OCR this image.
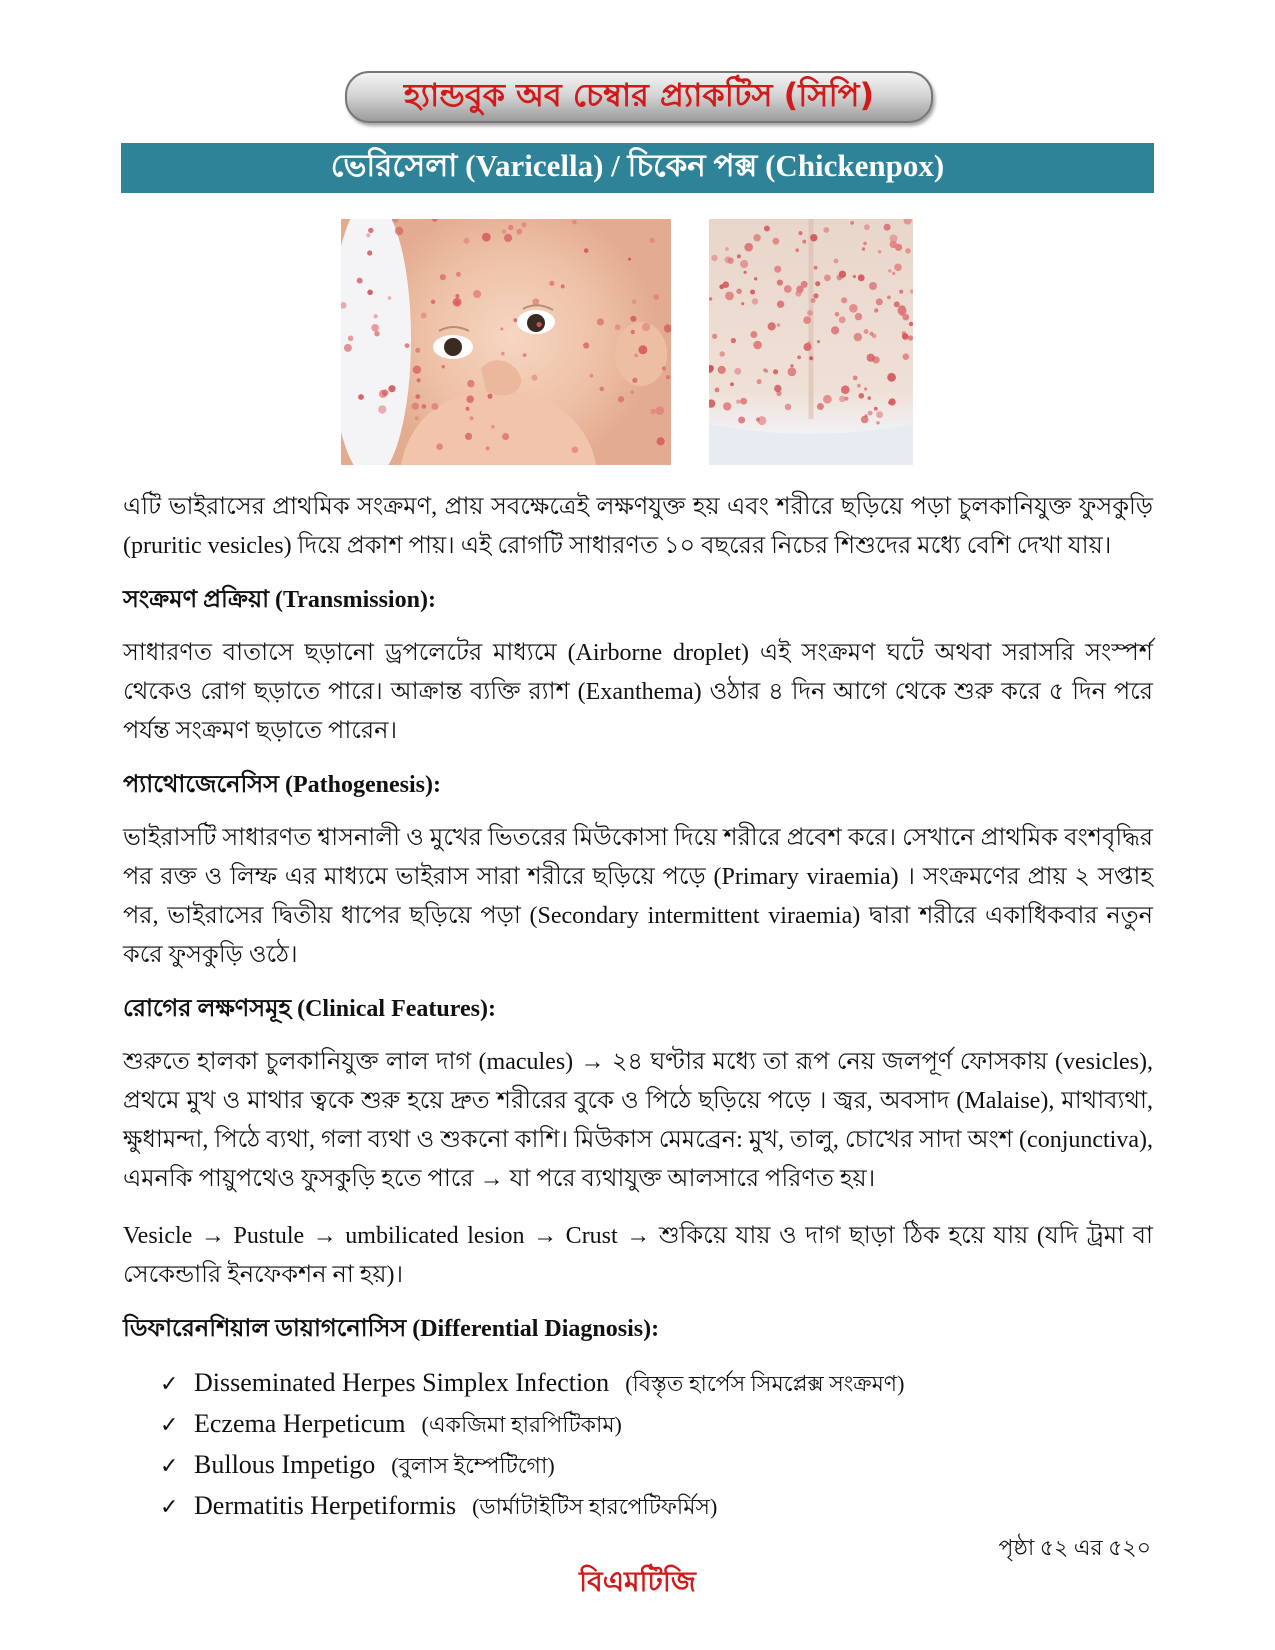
হ্যান্ডবুক অব চেম্বার প্র্যাকটিস (সিপি)
ভেরিসেলা (Varicella) / চিকেন পক্স (Chickenpox)

এটি ভাইরাসের প্রাথমিক সংক্রমণ, প্রায় সবক্ষেত্রেই লক্ষণযুক্ত হয় এবং শরীরে ছড়িয়ে পড়া চুলকানিযুক্ত ফুসকুড়ি (pruritic vesicles) দিয়ে প্রকাশ পায়। এই রোগটি সাধারণত ১০ বছরের নিচের শিশুদের মধ্যে বেশি দেখা যায়।

সংক্রমণ প্রক্রিয়া (Transmission):

সাধারণত বাতাসে ছড়ানো ড্রপলেটের মাধ্যমে (Airborne droplet) এই সংক্রমণ ঘটে অথবা সরাসরি সংস্পর্শ থেকেও রোগ ছড়াতে পারে। আক্রান্ত ব্যক্তি র‍্যাশ (Exanthema) ওঠার ৪ দিন আগে থেকে শুরু করে ৫ দিন পরে পর্যন্ত সংক্রমণ ছড়াতে পারেন।

প্যাথোজেনেসিস (Pathogenesis):

ভাইরাসটি সাধারণত শ্বাসনালী ও মুখের ভিতরের মিউকোসা দিয়ে শরীরে প্রবেশ করে। সেখানে প্রাথমিক বংশবৃদ্ধির পর রক্ত ও লিম্ফ এর মাধ্যমে ভাইরাস সারা শরীরে ছড়িয়ে পড়ে (Primary viraemia) । সংক্রমণের প্রায় ২ সপ্তাহ পর, ভাইরাসের দ্বিতীয় ধাপের ছড়িয়ে পড়া (Secondary intermittent viraemia) দ্বারা শরীরে একাধিকবার নতুন করে ফুসকুড়ি ওঠে।

রোগের লক্ষণসমূহ (Clinical Features):

শুরুতে হালকা চুলকানিযুক্ত লাল দাগ (macules) → ২৪ ঘণ্টার মধ্যে তা রূপ নেয় জলপূর্ণ ফোসকায় (vesicles), প্রথমে মুখ ও মাথার ত্বকে শুরু হয়ে দ্রুত শরীরের বুকে ও পিঠে ছড়িয়ে পড়ে । জ্বর, অবসাদ (Malaise), মাথাব্যথা, ক্ষুধামন্দা, পিঠে ব্যথা, গলা ব্যথা ও শুকনো কাশি। মিউকাস মেমব্রেন: মুখ, তালু, চোখের সাদা অংশ (conjunctiva), এমনকি পায়ুপথেও ফুসকুড়ি হতে পারে → যা পরে ব্যথাযুক্ত আলসারে পরিণত হয়।

Vesicle → Pustule → umbilicated lesion → Crust → শুকিয়ে যায় ও দাগ ছাড়া ঠিক হয়ে যায় (যদি ট্রমা বা সেকেন্ডারি ইনফেকশন না হয়)।

ডিফারেনশিয়াল ডায়াগনোসিস (Differential Diagnosis):
✓ Disseminated Herpes Simplex Infection (বিস্তৃত হার্পেস সিমপ্লেক্স সংক্রমণ)
✓ Eczema Herpeticum (একজিমা হারপিটিকাম)
✓ Bullous Impetigo (বুলাস ইম্পেটিগো)
✓ Dermatitis Herpetiformis (ডার্মাটাইটিস হারপেটিফর্মিস)
পৃষ্ঠা ৫২ এর ৫২০
বিএমটিজি
